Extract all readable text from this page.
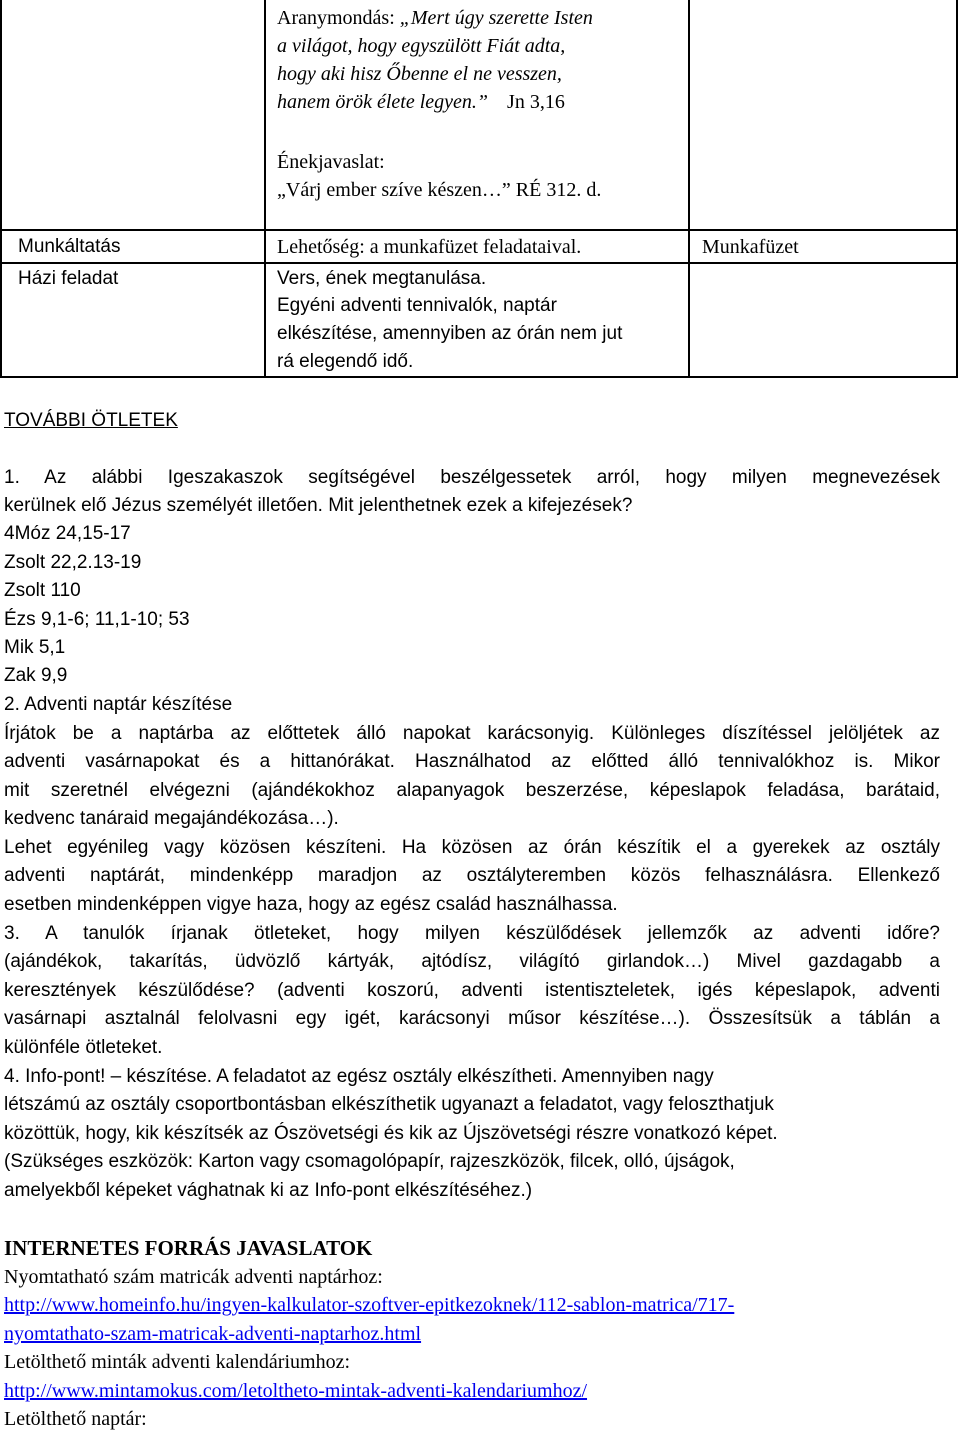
Aranymondás: „Mert úgy szerette Isten
a világot, hogy egyszülött Fiát adta,
hogy aki hisz Őbenne el ne vesszen,
hanem örök élete legyen.” Jn 3,16
Énekjavaslat:
„Várj ember szíve készen…” RÉ 312. d.
Munkáltatás	Lehetőség: a munkafüzet feladataival.	Munkafüzet
Házi feladat	Vers, ének megtanulása.
Egyéni adventi tennivalók, naptár
elkészítése, amennyiben az órán nem jut
rá elegendő idő.
TOVÁBBI ÖTLETEK
1. Az alábbi Igeszakaszok segítségével beszélgessetek arról, hogy milyen megnevezések
kerülnek elő Jézus személyét illetően. Mit jelenthetnek ezek a kifejezések?
4Móz 24,15-17
Zsolt 22,2.13-19
Zsolt 110
Ézs 9,1-6; 11,1-10; 53
Mik 5,1
Zak 9,9
2. Adventi naptár készítése
Írjátok be a naptárba az előttetek álló napokat karácsonyig. Különleges díszítéssel jelöljétek az
adventi vasárnapokat és a hittanórákat. Használhatod az előtted álló tennivalókhoz is. Mikor
mit szeretnél elvégezni (ajándékokhoz alapanyagok beszerzése, képeslapok feladása, barátaid,
kedvenc tanáraid megajándékozása…).
Lehet egyénileg vagy közösen készíteni. Ha közösen az órán készítik el a gyerekek az osztály
adventi naptárát, mindenképp maradjon az osztályteremben közös felhasználásra. Ellenkező
esetben mindenképpen vigye haza, hogy az egész család használhassa.
3. A tanulók írjanak ötleteket, hogy milyen készülődések jellemzők az adventi időre?
(ajándékok, takarítás, üdvözlő kártyák, ajtódísz, világító girlandok…) Mivel gazdagabb a
keresztények készülődése? (adventi koszorú, adventi istentiszteletek, igés képeslapok, adventi
vasárnapi asztalnál felolvasni egy igét, karácsonyi műsor készítése…). Összesítsük a táblán a
különféle ötleteket.
4. Info-pont! – készítése. A feladatot az egész osztály elkészítheti. Amennyiben nagy
létszámú az osztály csoportbontásban elkészíthetik ugyanazt a feladatot, vagy feloszthatjuk
közöttük, hogy, kik készítsék az Ószövetségi és kik az Újszövetségi részre vonatkozó képet.
(Szükséges eszközök: Karton vagy csomagolópapír, rajzeszközök, filcek, olló, újságok,
amelyekből képeket vághatnak ki az Info-pont elkészítéséhez.)
INTERNETES FORRÁS JAVASLATOK
Nyomtatható szám matricák adventi naptárhoz:
http://www.homeinfo.hu/ingyen-kalkulator-szoftver-epitkezoknek/112-sablon-matrica/717-
nyomtathato-szam-matricak-adventi-naptarhoz.html
Letölthető minták adventi kalendáriumhoz:
http://www.mintamokus.com/letoltheto-mintak-adventi-kalendariumhoz/
Letölthető naptár:
